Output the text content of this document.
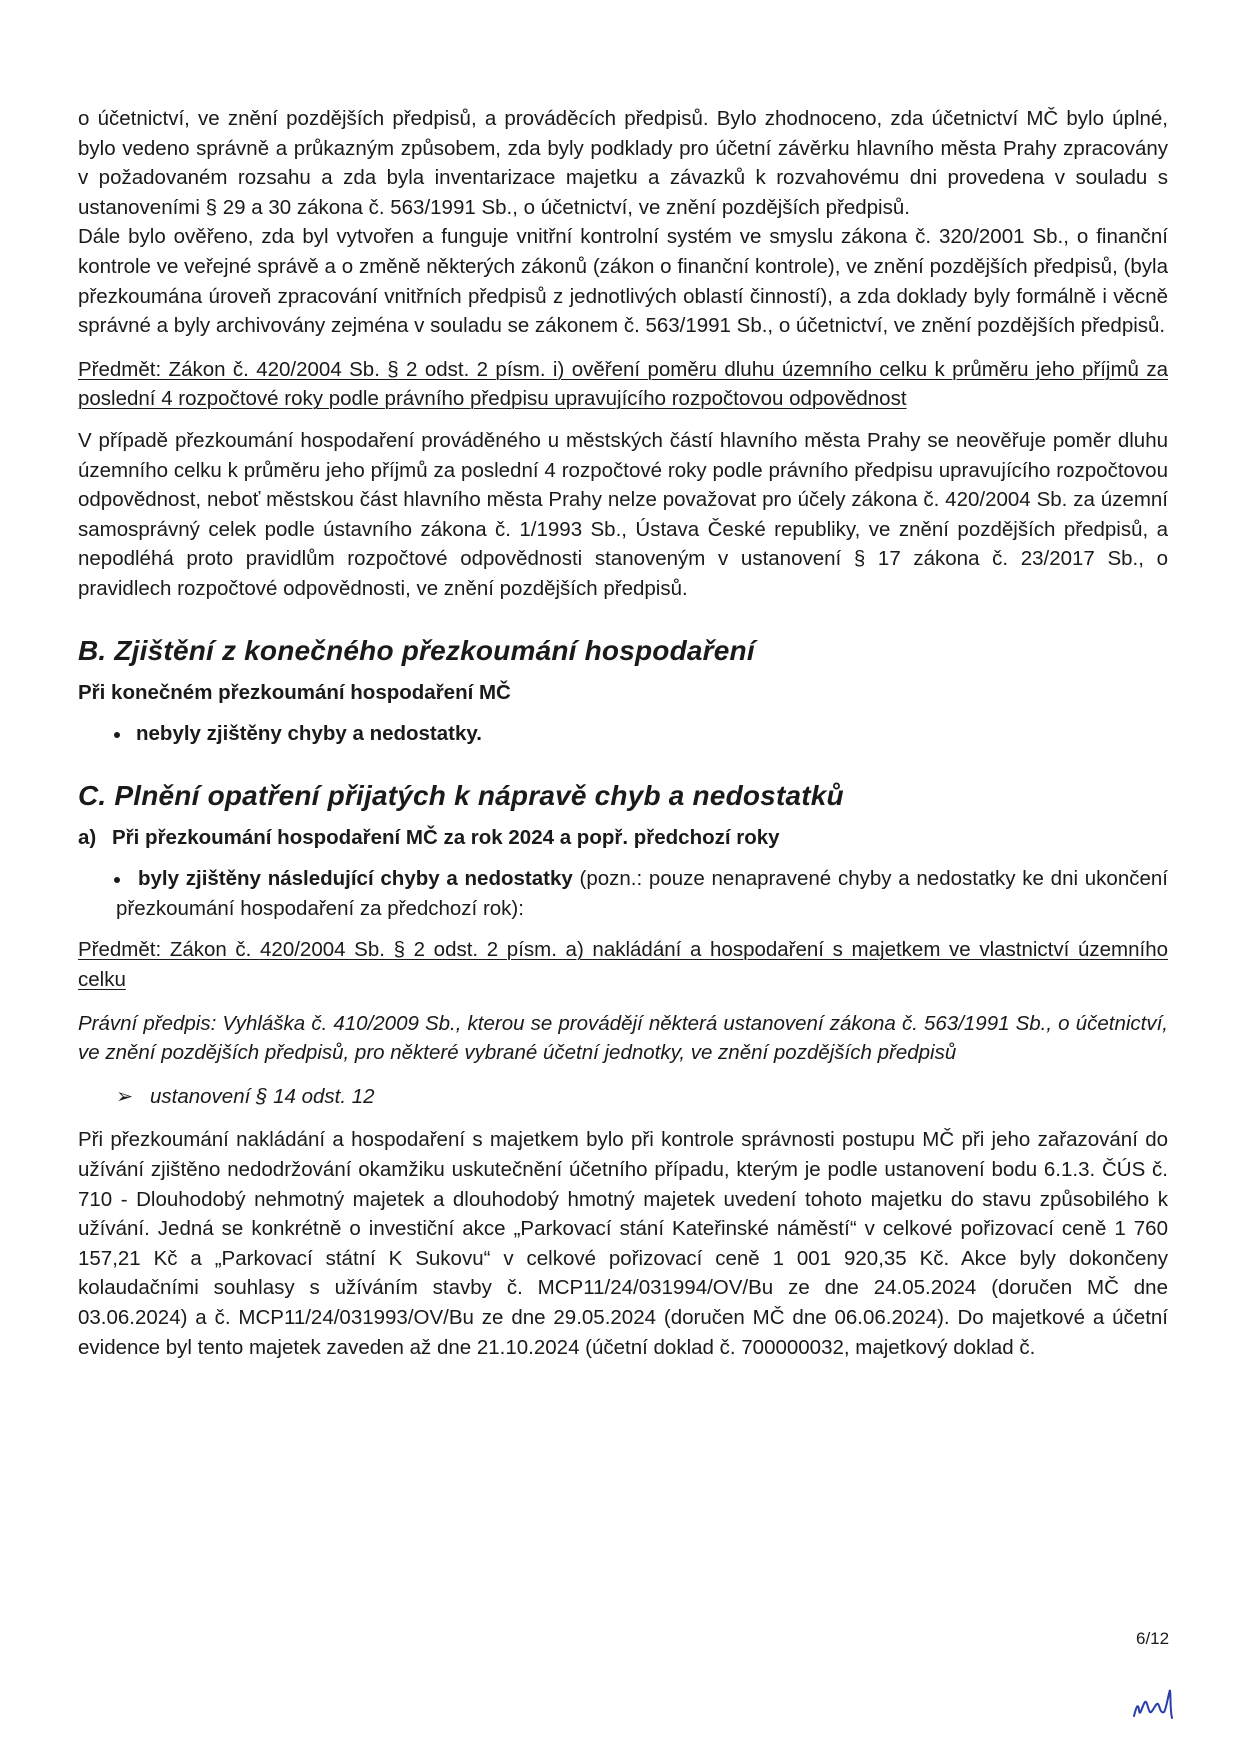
o účetnictví, ve znění pozdějších předpisů, a prováděcích předpisů. Bylo zhodnoceno, zda účetnictví MČ bylo úplné, bylo vedeno správně a průkazným způsobem, zda byly podklady pro účetní závěrku hlavního města Prahy zpracovány v požadovaném rozsahu a zda byla inventarizace majetku a závazků k rozvahovému dni provedena v souladu s ustanoveními § 29 a 30 zákona č. 563/1991 Sb., o účetnictví, ve znění pozdějších předpisů.

Dále bylo ověřeno, zda byl vytvořen a funguje vnitřní kontrolní systém ve smyslu zákona č. 320/2001 Sb., o finanční kontrole ve veřejné správě a o změně některých zákonů (zákon o finanční kontrole), ve znění pozdějších předpisů, (byla přezkoumána úroveň zpracování vnitřních předpisů z jednotlivých oblastí činností), a zda doklady byly formálně i věcně správné a byly archivovány zejména v souladu se zákonem č. 563/1991 Sb., o účetnictví, ve znění pozdějších předpisů.

Předmět: Zákon č. 420/2004 Sb. § 2 odst. 2 písm. i) ověření poměru dluhu územního celku k průměru jeho příjmů za poslední 4 rozpočtové roky podle právního předpisu upravujícího rozpočtovou odpovědnost

V případě přezkoumání hospodaření prováděného u městských částí hlavního města Prahy se neověřuje poměr dluhu územního celku k průměru jeho příjmů za poslední 4 rozpočtové roky podle právního předpisu upravujícího rozpočtovou odpovědnost, neboť městskou část hlavního města Prahy nelze považovat pro účely zákona č. 420/2004 Sb. za územní samosprávný celek podle ústavního zákona č. 1/1993 Sb., Ústava České republiky, ve znění pozdějších předpisů, a nepodléhá proto pravidlům rozpočtové odpovědnosti stanoveným v ustanovení § 17 zákona č. 23/2017 Sb., o pravidlech rozpočtové odpovědnosti, ve znění pozdějších předpisů.

B. Zjištění z konečného přezkoumání hospodaření

Při konečném přezkoumání hospodaření MČ

nebyly zjištěny chyby a nedostatky.

C. Plnění opatření přijatých k nápravě chyb a nedostatků

a) Při přezkoumání hospodaření MČ za rok 2024 a popř. předchozí roky

byly zjištěny následující chyby a nedostatky (pozn.: pouze nenapravené chyby a nedostatky ke dni ukončení přezkoumání hospodaření za předchozí rok):

Předmět: Zákon č. 420/2004 Sb. § 2 odst. 2 písm. a) nakládání a hospodaření s majetkem ve vlastnictví územního celku

Právní předpis: Vyhláška č. 410/2009 Sb., kterou se provádějí některá ustanovení zákona č. 563/1991 Sb., o účetnictví, ve znění pozdějších předpisů, pro některé vybrané účetní jednotky, ve znění pozdějších předpisů

➢ ustanovení § 14 odst. 12

Při přezkoumání nakládání a hospodaření s majetkem bylo při kontrole správnosti postupu MČ při jeho zařazování do užívání zjištěno nedodržování okamžiku uskutečnění účetního případu, kterým je podle ustanovení bodu 6.1.3. ČÚS č. 710 - Dlouhodobý nehmotný majetek a dlouhodobý hmotný majetek uvedení tohoto majetku do stavu způsobilého k užívání. Jedná se konkrétně o investiční akce „Parkovací stání Kateřinské náměstí“ v celkové pořizovací ceně 1 760 157,21 Kč a „Parkovací státní K Sukovu“ v celkové pořizovací ceně 1 001 920,35 Kč. Akce byly dokončeny kolaudačními souhlasy s užíváním stavby č. MCP11/24/031994/OV/Bu ze dne 24.05.2024 (doručen MČ dne 03.06.2024) a č. MCP11/24/031993/OV/Bu ze dne 29.05.2024 (doručen MČ dne 06.06.2024). Do majetkové a účetní evidence byl tento majetek zaveden až dne 21.10.2024 (účetní doklad č. 700000032, majetkový doklad č.

6/12
